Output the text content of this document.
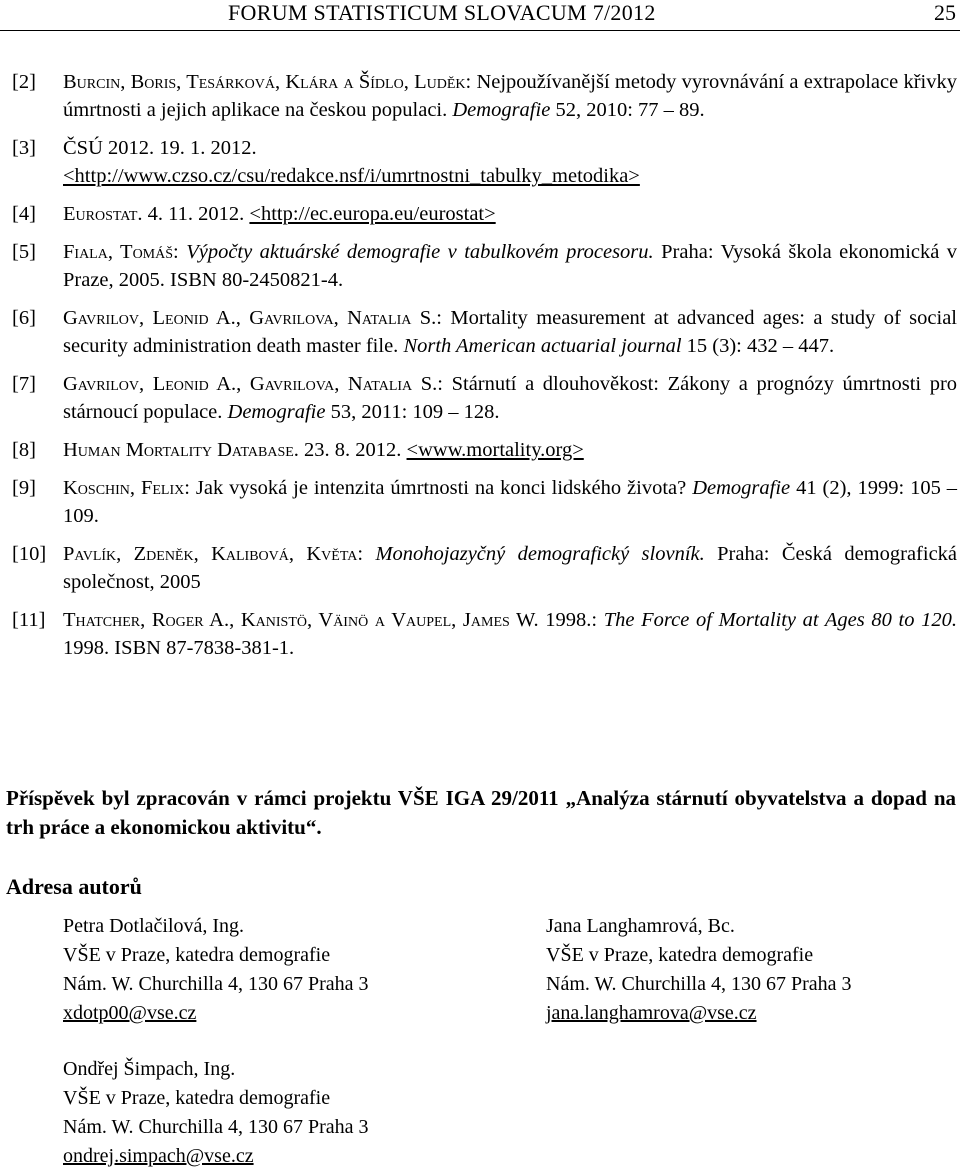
FORUM STATISTICUM SLOVACUM 7/2012	25
[2] Burcin, Boris, Tesárková, Klára a Šídlo, Luděk: Nejpoužívanější metody vyrovnávání a extrapolace křivky úmrtnosti a jejich aplikace na českou populaci. Demografie 52, 2010: 77 – 89.
[3] ČSÚ 2012. 19. 1. 2012.
<http://www.czso.cz/csu/redakce.nsf/i/umrtnostni_tabulky_metodika>
[4] Eurostat. 4. 11. 2012. <http://ec.europa.eu/eurostat>
[5] Fiala, Tomáš: Výpočty aktuárské demografie v tabulkovém procesoru. Praha: Vysoká škola ekonomická v Praze, 2005. ISBN 80-2450821-4.
[6] Gavrilov, Leonid A., Gavrilova, Natalia S.: Mortality measurement at advanced ages: a study of social security administration death master file. North American actuarial journal 15 (3): 432 – 447.
[7] Gavrilov, Leonid A., Gavrilova, Natalia S.: Stárnutí a dlouhověkost: Zákony a prognózy úmrtnosti pro stárnoucí populace. Demografie 53, 2011: 109 – 128.
[8] Human Mortality Database. 23. 8. 2012. <www.mortality.org>
[9] Koschin, Felix: Jak vysoká je intenzita úmrtnosti na konci lidského života? Demografie 41 (2), 1999: 105 – 109.
[10] Pavlík, Zdeněk, Kalibová, Květa: Monohojazyčný demografický slovník. Praha: Česká demografická společnost, 2005
[11] Thatcher, Roger A., Kanistö, Väinö a Vaupel, James W. 1998.: The Force of Mortality at Ages 80 to 120. 1998. ISBN 87-7838-381-1.
Příspěvek byl zpracován v rámci projektu VŠE IGA 29/2011 „Analýza stárnutí obyvatelstva a dopad na trh práce a ekonomickou aktivitu“.
Adresa autorů
Petra Dotlačilová, Ing.
VŠE v Praze, katedra demografie
Nám. W. Churchilla 4, 130 67 Praha 3
xdotp00@vse.cz
Jana Langhamrová, Bc.
VŠE v Praze, katedra demografie
Nám. W. Churchilla 4, 130 67 Praha 3
jana.langhamrova@vse.cz
Ondřej Šimpach, Ing.
VŠE v Praze, katedra demografie
Nám. W. Churchilla 4, 130 67 Praha 3
ondrej.simpach@vse.cz
